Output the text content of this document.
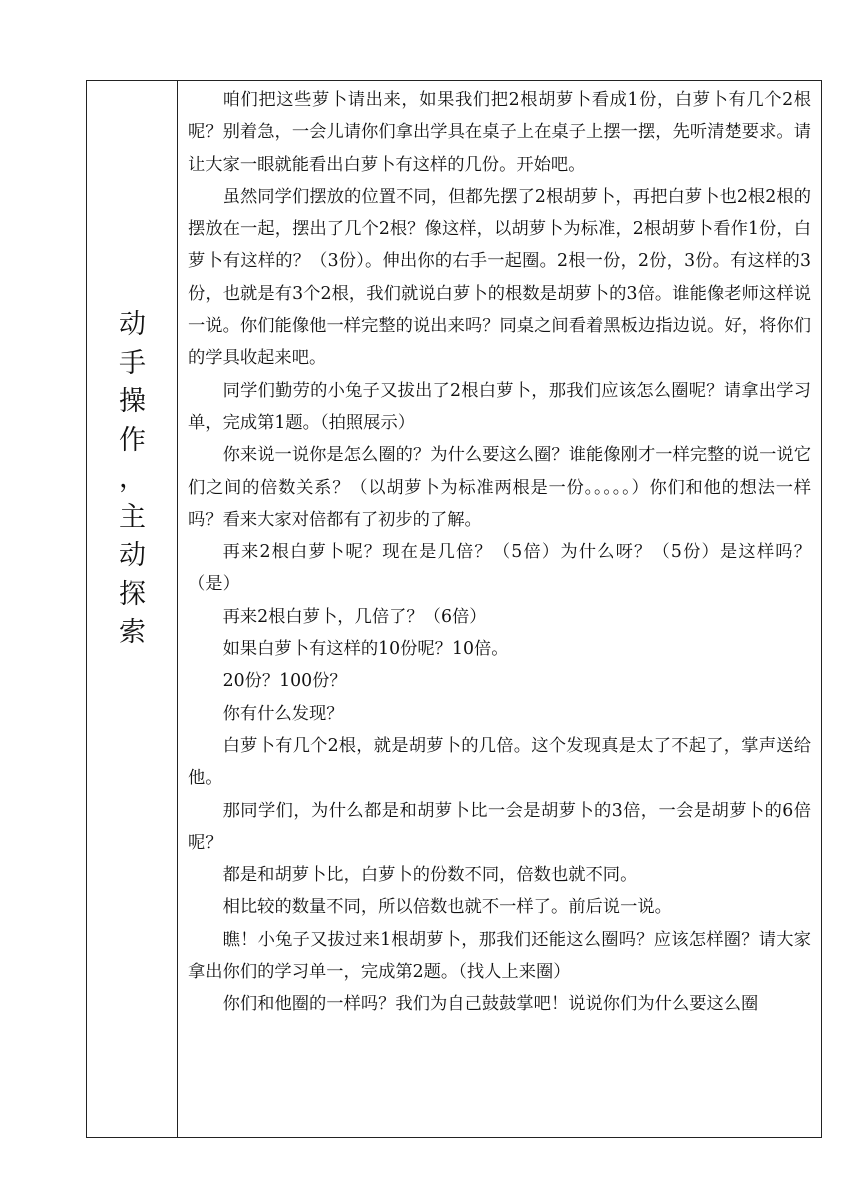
动
手
操
作
，
主
动
探
索

咱们把这些萝卜请出来，如果我们把2根胡萝卜看成1份，白萝卜有几个2根呢？别着急，一会儿请你们拿出学具在桌子上在桌子上摆一摆，先听清楚要求。请让大家一眼就能看出白萝卜有这样的几份。开始吧。

虽然同学们摆放的位置不同，但都先摆了2根胡萝卜，再把白萝卜也2根2根的摆放在一起，摆出了几个2根？像这样，以胡萝卜为标准，2根胡萝卜看作1份，白萝卜有这样的？（3份）。伸出你的右手一起圈。2根一份，2份，3份。有这样的3份，也就是有3个2根，我们就说白萝卜的根数是胡萝卜的3倍。谁能像老师这样说一说。你们能像他一样完整的说出来吗？同桌之间看着黑板边指边说。好，将你们的学具收起来吧。

同学们勤劳的小兔子又拔出了2根白萝卜，那我们应该怎么圈呢？请拿出学习单，完成第1题。（拍照展示）

你来说一说你是怎么圈的？为什么要这么圈？谁能像刚才一样完整的说一说它们之间的倍数关系？（以胡萝卜为标准两根是一份。。。。。）你们和他的想法一样吗？看来大家对倍都有了初步的了解。

再来2根白萝卜呢？现在是几倍？（5倍）为什么呀？（5份）是这样吗？（是）

再来2根白萝卜，几倍了？（6倍）

如果白萝卜有这样的10份呢？10倍。

20份？100份？

你有什么发现？

白萝卜有几个2根，就是胡萝卜的几倍。这个发现真是太了不起了，掌声送给他。

那同学们，为什么都是和胡萝卜比一会是胡萝卜的3倍，一会是胡萝卜的6倍呢？

都是和胡萝卜比，白萝卜的份数不同，倍数也就不同。

相比较的数量不同，所以倍数也就不一样了。前后说一说。

瞧！小兔子又拔过来1根胡萝卜，那我们还能这么圈吗？应该怎样圈？请大家拿出你们的学习单一，完成第2题。（找人上来圈）

你们和他圈的一样吗？我们为自己鼓鼓掌吧！说说你们为什么要这么圈
